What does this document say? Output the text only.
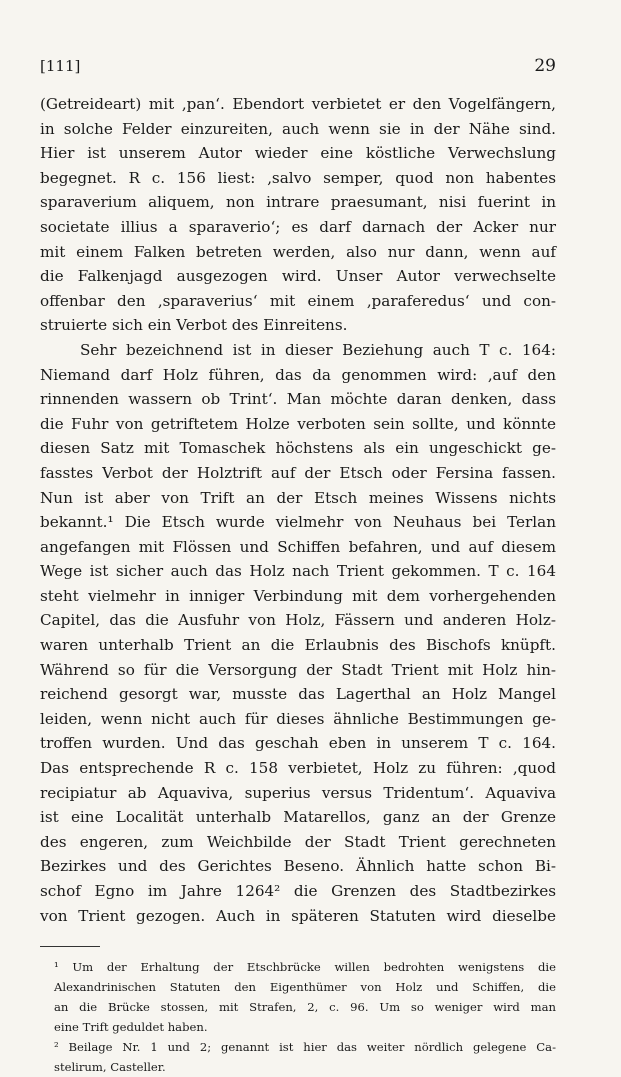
[111]	29
(Getreideart) mit ‚pan‘. Ebendort verbietet er den Vogelfängern,
in solche Felder einzureiten, auch wenn sie in der Nähe sind.
Hier ist unserem Autor wieder eine köstliche Verwechslung
begegnet. R c. 156 liest: ‚salvo semper, quod non habentes
sparaverium aliquem, non intrare praesumant, nisi fuerint in
societate illius a sparaverio‘; es darf darnach der Acker nur
mit einem Falken betreten werden, also nur dann, wenn auf
die Falkenjagd ausgezogen wird. Unser Autor verwechselte
offenbar den ‚sparaverius‘ mit einem ‚paraferedus‘ und con-
struierte sich ein Verbot des Einreitens.
Sehr bezeichnend ist in dieser Beziehung auch T c. 164:
Niemand darf Holz führen, das da genommen wird: ‚auf den
rinnenden wassern ob Trint‘. Man möchte daran denken, dass
die Fuhr von getriftetem Holze verboten sein sollte, und könnte
diesen Satz mit Tomaschek höchstens als ein ungeschickt ge-
fasstes Verbot der Holztrift auf der Etsch oder Fersina fassen.
Nun ist aber von Trift an der Etsch meines Wissens nichts
bekannt.¹ Die Etsch wurde vielmehr von Neuhaus bei Terlan
angefangen mit Flössen und Schiffen befahren, und auf diesem
Wege ist sicher auch das Holz nach Trient gekommen. T c. 164
steht vielmehr in inniger Verbindung mit dem vorhergehenden
Capitel, das die Ausfuhr von Holz, Fässern und anderen Holz-
waren unterhalb Trient an die Erlaubnis des Bischofs knüpft.
Während so für die Versorgung der Stadt Trient mit Holz hin-
reichend gesorgt war, musste das Lagerthal an Holz Mangel
leiden, wenn nicht auch für dieses ähnliche Bestimmungen ge-
troffen wurden. Und das geschah eben in unserem T c. 164.
Das entsprechende R c. 158 verbietet, Holz zu führen: ‚quod
recipiatur ab Aquaviva, superius versus Tridentum‘. Aquaviva
ist eine Localität unterhalb Matarellos, ganz an der Grenze
des engeren, zum Weichbilde der Stadt Trient gerechneten
Bezirkes und des Gerichtes Beseno. Ähnlich hatte schon Bi-
schof Egno im Jahre 1264² die Grenzen des Stadtbezirkes
von Trient gezogen. Auch in späteren Statuten wird dieselbe
¹ Um der Erhaltung der Etschbrücke willen bedrohten wenigstens die
Alexandrinischen Statuten den Eigenthümer von Holz und Schiffen, die
an die Brücke stossen, mit Strafen, 2, c. 96. Um so weniger wird man
eine Trift geduldet haben.
² Beilage Nr. 1 und 2; genannt ist hier das weiter nördlich gelegene Ca-
stelirum, Casteller.
